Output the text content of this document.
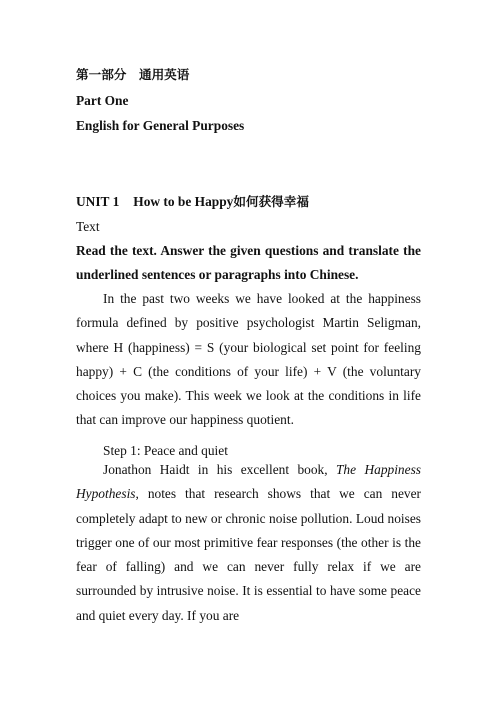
第一部分　通用英语
Part One
English for General Purposes
UNIT 1 How to be Happy如何获得幸福
Text

Read the text. Answer the given questions and translate the underlined sentences or paragraphs into Chinese.

In the past two weeks we have looked at the happiness formula defined by positive psychologist Martin Seligman, where H (happiness) = S (your biological set point for feeling happy) + C (the conditions of your life) + V (the voluntary choices you make). This week we look at the conditions in life that can improve our happiness quotient.

Step 1: Peace and quiet

Jonathon Haidt in his excellent book, The Happiness Hypothesis, notes that research shows that we can never completely adapt to new or chronic noise pollution. Loud noises trigger one of our most primitive fear responses (the other is the fear of falling) and we can never fully relax if we are surrounded by intrusive noise. It is essential to have some peace and quiet every day. If you are
